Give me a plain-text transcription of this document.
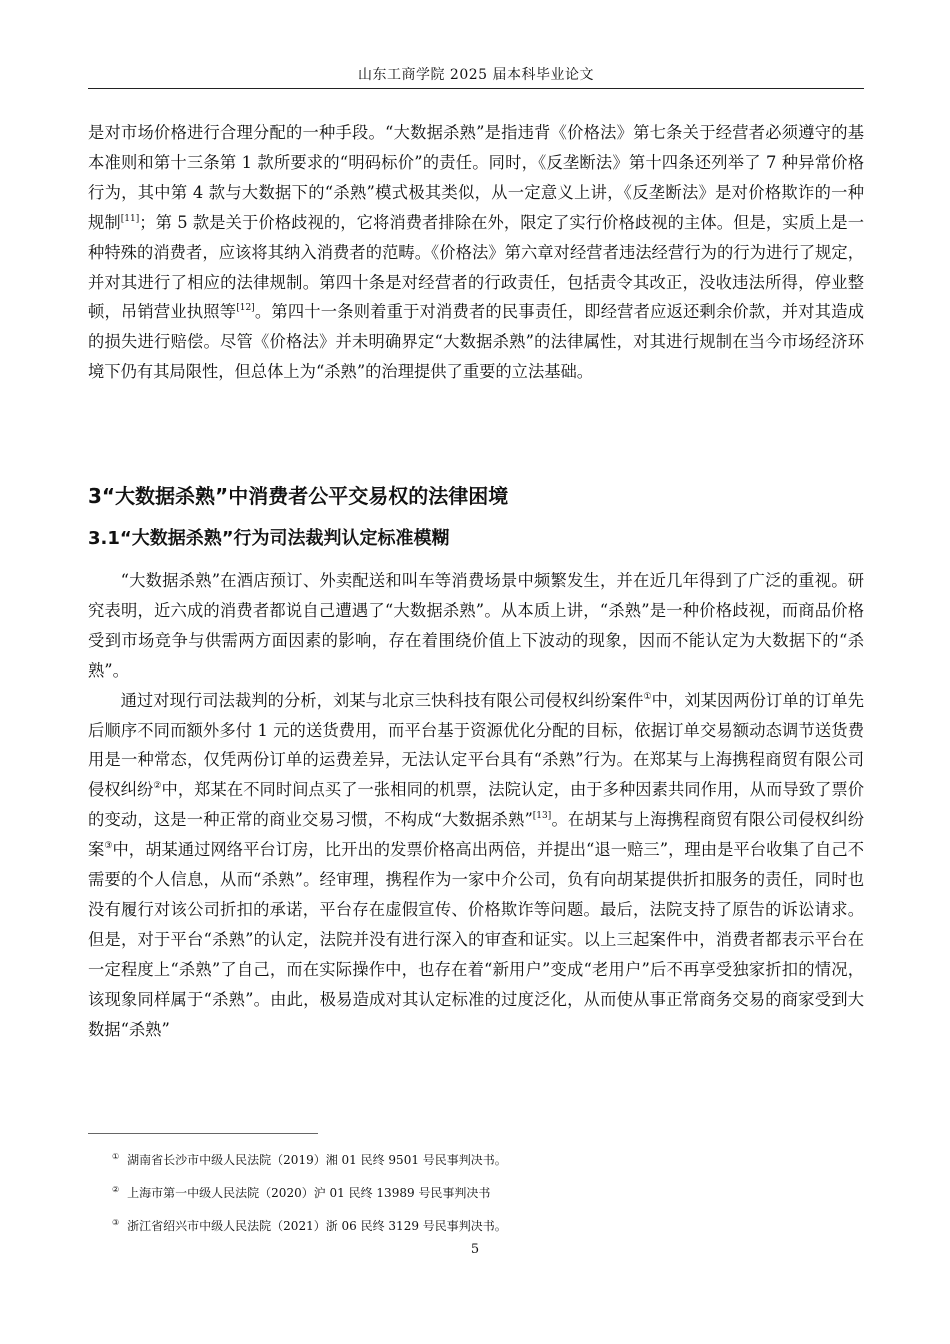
山东工商学院 2025 届本科毕业论文

是对市场价格进行合理分配的一种手段。“大数据杀熟”是指违背《价格法》第七条关于经营者必须遵守的基本准则和第十三条第 1 款所要求的“明码标价”的责任。同时，《反垄断法》第十四条还列举了 7 种异常价格行为，其中第 4 款与大数据下的“杀熟”模式极其类似，从一定意义上讲，《反垄断法》是对价格欺诈的一种规制[11]；第 5 款是关于价格歧视的，它将消费者排除在外，限定了实行价格歧视的主体。但是，实质上是一种特殊的消费者，应该将其纳入消费者的范畴。《价格法》第六章对经营者违法经营行为的行为进行了规定，并对其进行了相应的法律规制。第四十条是对经营者的行政责任，包括责令其改正，没收违法所得，停业整顿，吊销营业执照等[12]。第四十一条则着重于对消费者的民事责任，即经营者应返还剩余价款，并对其造成的损失进行赔偿。尽管《价格法》并未明确界定“大数据杀熟”的法律属性，对其进行规制在当今市场经济环境下仍有其局限性，但总体上为“杀熟”的治理提供了重要的立法基础。

3“大数据杀熟”中消费者公平交易权的法律困境
3.1“大数据杀熟”行为司法裁判认定标准模糊

“大数据杀熟”在酒店预订、外卖配送和叫车等消费场景中频繁发生，并在近几年得到了广泛的重视。研究表明，近六成的消费者都说自己遭遇了“大数据杀熟”。从本质上讲，“杀熟”是一种价格歧视，而商品价格受到市场竞争与供需两方面因素的影响，存在着围绕价值上下波动的现象，因而不能认定为大数据下的“杀熟”。

通过对现行司法裁判的分析，刘某与北京三快科技有限公司侵权纠纷案件①中，刘某因两份订单的订单先后顺序不同而额外多付 1 元的送货费用，而平台基于资源优化分配的目标，依据订单交易额动态调节送货费用是一种常态，仅凭两份订单的运费差异，无法认定平台具有“杀熟”行为。在郑某与上海携程商贸有限公司侵权纠纷②中，郑某在不同时间点买了一张相同的机票，法院认定，由于多种因素共同作用，从而导致了票价的变动，这是一种正常的商业交易习惯，不构成“大数据杀熟”[13]。在胡某与上海携程商贸有限公司侵权纠纷案③中，胡某通过网络平台订房，比开出的发票价格高出两倍，并提出“退一赔三”，理由是平台收集了自己不需要的个人信息，从而“杀熟”。经审理，携程作为一家中介公司，负有向胡某提供折扣服务的责任，同时也没有履行对该公司折扣的承诺，平台存在虚假宣传、价格欺诈等问题。最后，法院支持了原告的诉讼请求。但是，对于平台“杀熟”的认定，法院并没有进行深入的审查和证实。以上三起案件中，消费者都表示平台在一定程度上“杀熟”了自己，而在实际操作中，也存在着“新用户”变成“老用户”后不再享受独家折扣的情况，该现象同样属于“杀熟”。由此，极易造成对其认定标准的过度泛化，从而使从事正常商务交易的商家受到大数据“杀熟”

① 湖南省长沙市中级人民法院（2019）湘 01 民终 9501 号民事判决书。
② 上海市第一中级人民法院（2020）沪 01 民终 13989 号民事判决书
③ 浙江省绍兴市中级人民法院（2021）浙 06 民终 3129 号民事判决书。
5
